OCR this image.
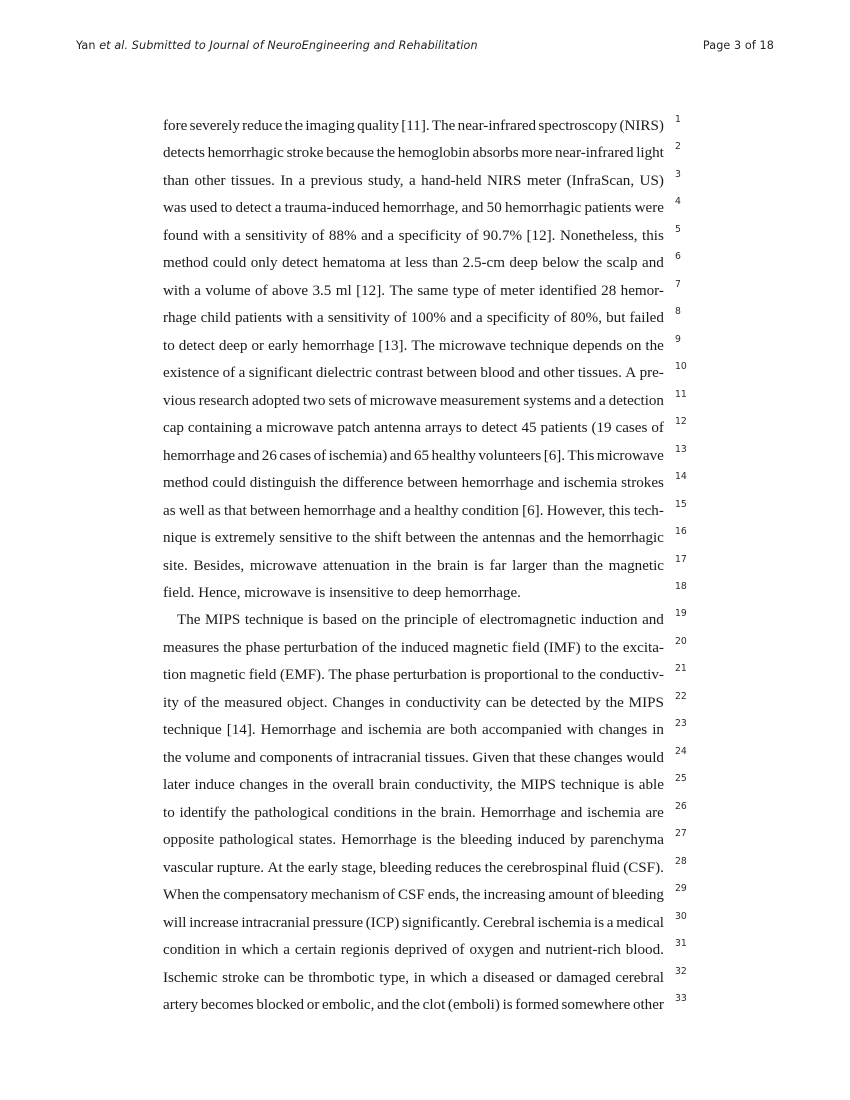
Yan et al. Submitted to Journal of NeuroEngineering and Rehabilitation	Page 3 of 18
fore severely reduce the imaging quality [11]. The near-infrared spectroscopy (NIRS) 1
detects hemorrhagic stroke because the hemoglobin absorbs more near-infrared light 2
than other tissues. In a previous study, a hand-held NIRS meter (InfraScan, US) 3
was used to detect a trauma-induced hemorrhage, and 50 hemorrhagic patients were 4
found with a sensitivity of 88% and a specificity of 90.7% [12]. Nonetheless, this 5
method could only detect hematoma at less than 2.5-cm deep below the scalp and 6
with a volume of above 3.5 ml [12]. The same type of meter identified 28 hemor- 7
rhage child patients with a sensitivity of 100% and a specificity of 80%, but failed 8
to detect deep or early hemorrhage [13]. The microwave technique depends on the 9
existence of a significant dielectric contrast between blood and other tissues. A pre- 10
vious research adopted two sets of microwave measurement systems and a detection 11
cap containing a microwave patch antenna arrays to detect 45 patients (19 cases of 12
hemorrhage and 26 cases of ischemia) and 65 healthy volunteers [6]. This microwave 13
method could distinguish the difference between hemorrhage and ischemia strokes 14
as well as that between hemorrhage and a healthy condition [6]. However, this tech- 15
nique is extremely sensitive to the shift between the antennas and the hemorrhagic 16
site. Besides, microwave attenuation in the brain is far larger than the magnetic 17
field. Hence, microwave is insensitive to deep hemorrhage.	18
The MIPS technique is based on the principle of electromagnetic induction and 19
measures the phase perturbation of the induced magnetic field (IMF) to the excita- 20
tion magnetic field (EMF). The phase perturbation is proportional to the conductiv- 21
ity of the measured object. Changes in conductivity can be detected by the MIPS 22
technique [14]. Hemorrhage and ischemia are both accompanied with changes in 23
the volume and components of intracranial tissues. Given that these changes would 24
later induce changes in the overall brain conductivity, the MIPS technique is able 25
to identify the pathological conditions in the brain. Hemorrhage and ischemia are 26
opposite pathological states. Hemorrhage is the bleeding induced by parenchyma 27
vascular rupture. At the early stage, bleeding reduces the cerebrospinal fluid (CSF). 28
When the compensatory mechanism of CSF ends, the increasing amount of bleeding 29
will increase intracranial pressure (ICP) significantly. Cerebral ischemia is a medical 30
condition in which a certain regionis deprived of oxygen and nutrient-rich blood. 31
Ischemic stroke can be thrombotic type, in which a diseased or damaged cerebral 32
artery becomes blocked or embolic, and the clot (emboli) is formed somewhere other 33
